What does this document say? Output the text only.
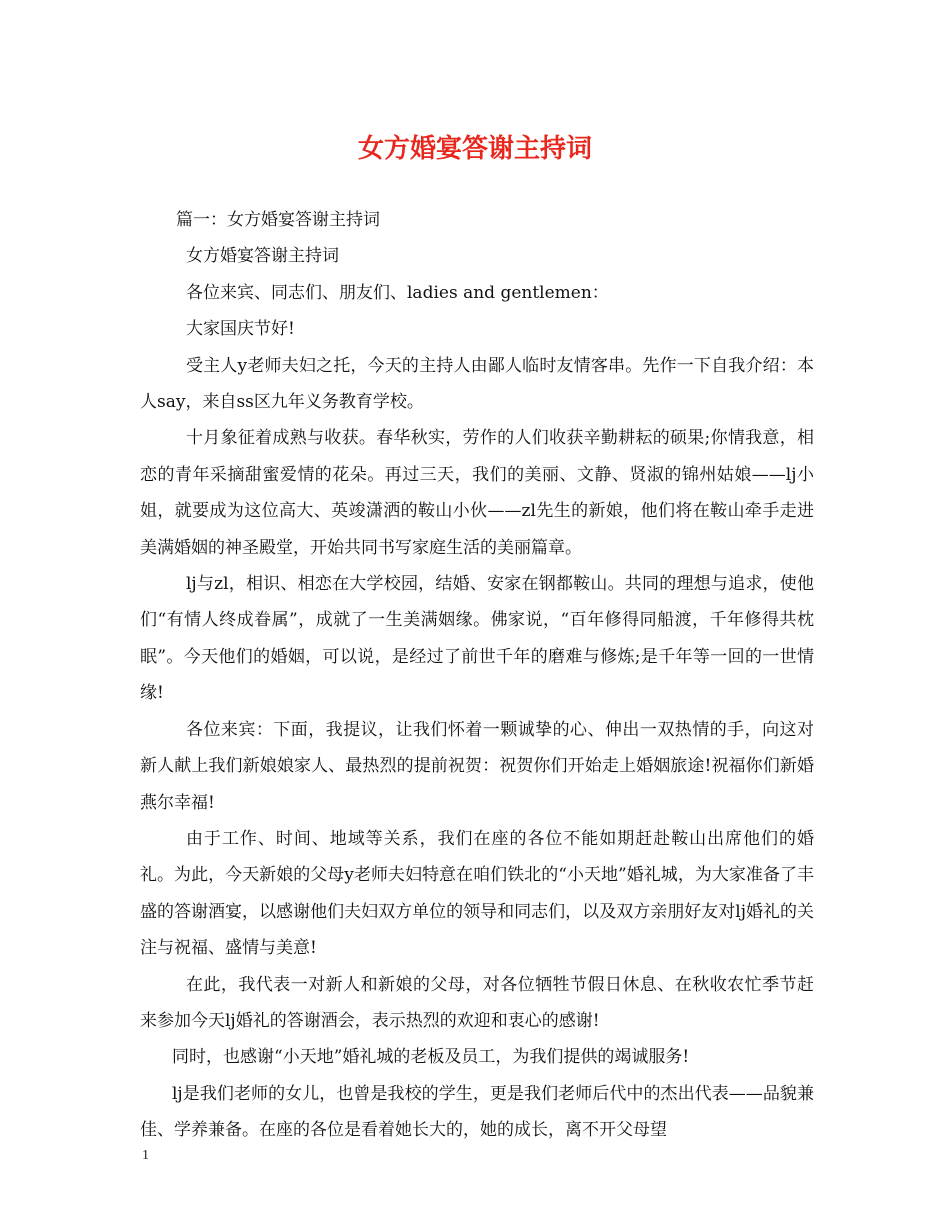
女方婚宴答谢主持词

篇一：女方婚宴答谢主持词

女方婚宴答谢主持词

各位来宾、同志们、朋友们、ladies and gentlemen：

大家国庆节好!

受主人y老师夫妇之托，今天的主持人由鄙人临时友情客串。先作一下自我介绍：本人say，来自ss区九年义务教育学校。

十月象征着成熟与收获。春华秋实，劳作的人们收获辛勤耕耘的硕果;你情我意，相恋的青年采摘甜蜜爱情的花朵。再过三天，我们的美丽、文静、贤淑的锦州姑娘——lj小姐，就要成为这位高大、英竣潇洒的鞍山小伙——zl先生的新娘，他们将在鞍山牵手走进美满婚姻的神圣殿堂，开始共同书写家庭生活的美丽篇章。

lj与zl，相识、相恋在大学校园，结婚、安家在钢都鞍山。共同的理想与追求，使他们“有情人终成眷属”，成就了一生美满姻缘。佛家说，“百年修得同船渡，千年修得共枕眠”。今天他们的婚姻，可以说，是经过了前世千年的磨难与修炼;是千年等一回的一世情缘!

各位来宾：下面，我提议，让我们怀着一颗诚挚的心、伸出一双热情的手，向这对新人献上我们新娘娘家人、最热烈的提前祝贺：祝贺你们开始走上婚姻旅途!祝福你们新婚燕尔幸福!

由于工作、时间、地域等关系，我们在座的各位不能如期赶赴鞍山出席他们的婚礼。为此，今天新娘的父母y老师夫妇特意在咱们铁北的“小天地”婚礼城，为大家准备了丰盛的答谢酒宴，以感谢他们夫妇双方单位的领导和同志们，以及双方亲朋好友对lj婚礼的关注与祝福、盛情与美意!

在此，我代表一对新人和新娘的父母，对各位牺牲节假日休息、在秋收农忙季节赶来参加今天lj婚礼的答谢酒会，表示热烈的欢迎和衷心的感谢!

同时，也感谢“小天地”婚礼城的老板及员工，为我们提供的竭诚服务!

lj是我们老师的女儿，也曾是我校的学生，更是我们老师后代中的杰出代表——品貌兼佳、学养兼备。在座的各位是看着她长大的，她的成长，离不开父母望

1
